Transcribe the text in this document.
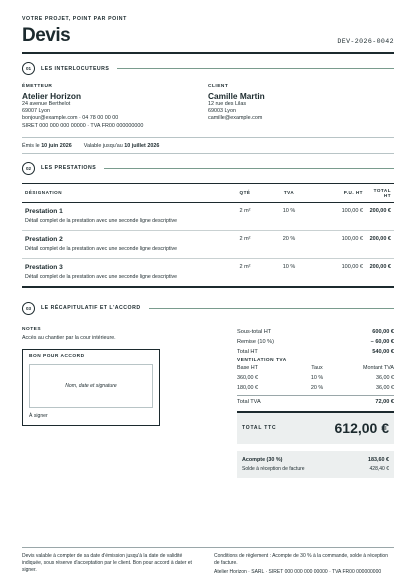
VOTRE PROJET, POINT PAR POINT
Devis	DEV-2026-0042
01	LES INTERLOCUTEURS
ÉMETTEUR
Atelier Horizon
24 avenue Berthelot
69007 Lyon
bonjour@example.com · 04 78 00 00 00
SIRET 000 000 000 00000 · TVA FR00 000000000
CLIENT
Camille Martin
12 rue des Lilas
69003 Lyon
camille@example.com
Émis le 10 juin 2026 Valable jusqu'au 10 juillet 2026
02	LES PRESTATIONS
DÉSIGNATION	QTÉ	TVA	P.U. HT	TOTAL HT

Prestation 1
Détail complet de la prestation avec une seconde ligne descriptive	2 m²	10 %	100,00 €	200,00 €

Prestation 2
Détail complet de la prestation avec une seconde ligne descriptive	2 m²	20 %	100,00 €	200,00 €

Prestation 3
Détail complet de la prestation avec une seconde ligne descriptive	2 m²	10 %	100,00 €	200,00 €
03	LE RÉCAPITULATIF ET L'ACCORD
NOTES
Accès au chantier par la cour intérieure.
BON POUR ACCORD
Nom, date et signature
À signer
Sous-total HT	600,00 €
Remise (10 %)	– 60,00 €
Total HT	540,00 €
VENTILATION TVA
Base HT	Taux	Montant TVA
360,00 €	10 %	36,00 €
180,00 €	20 %	36,00 €
Total TVA	72,00 €
TOTAL TTC	612,00 €
Acompte (30 %)	183,60 €
Solde à réception de facture	428,40 €
Devis valable à compter de sa date d'émission jusqu'à la date de validité indiquée, sous réserve d'acceptation par le client. Bon pour accord à dater et signer.
Conditions de règlement : Acompte de 30 % à la commande, solde à réception de facture.
Atelier Horizon · SARL · SIRET 000 000 000 00000 · TVA FR00 000000000
